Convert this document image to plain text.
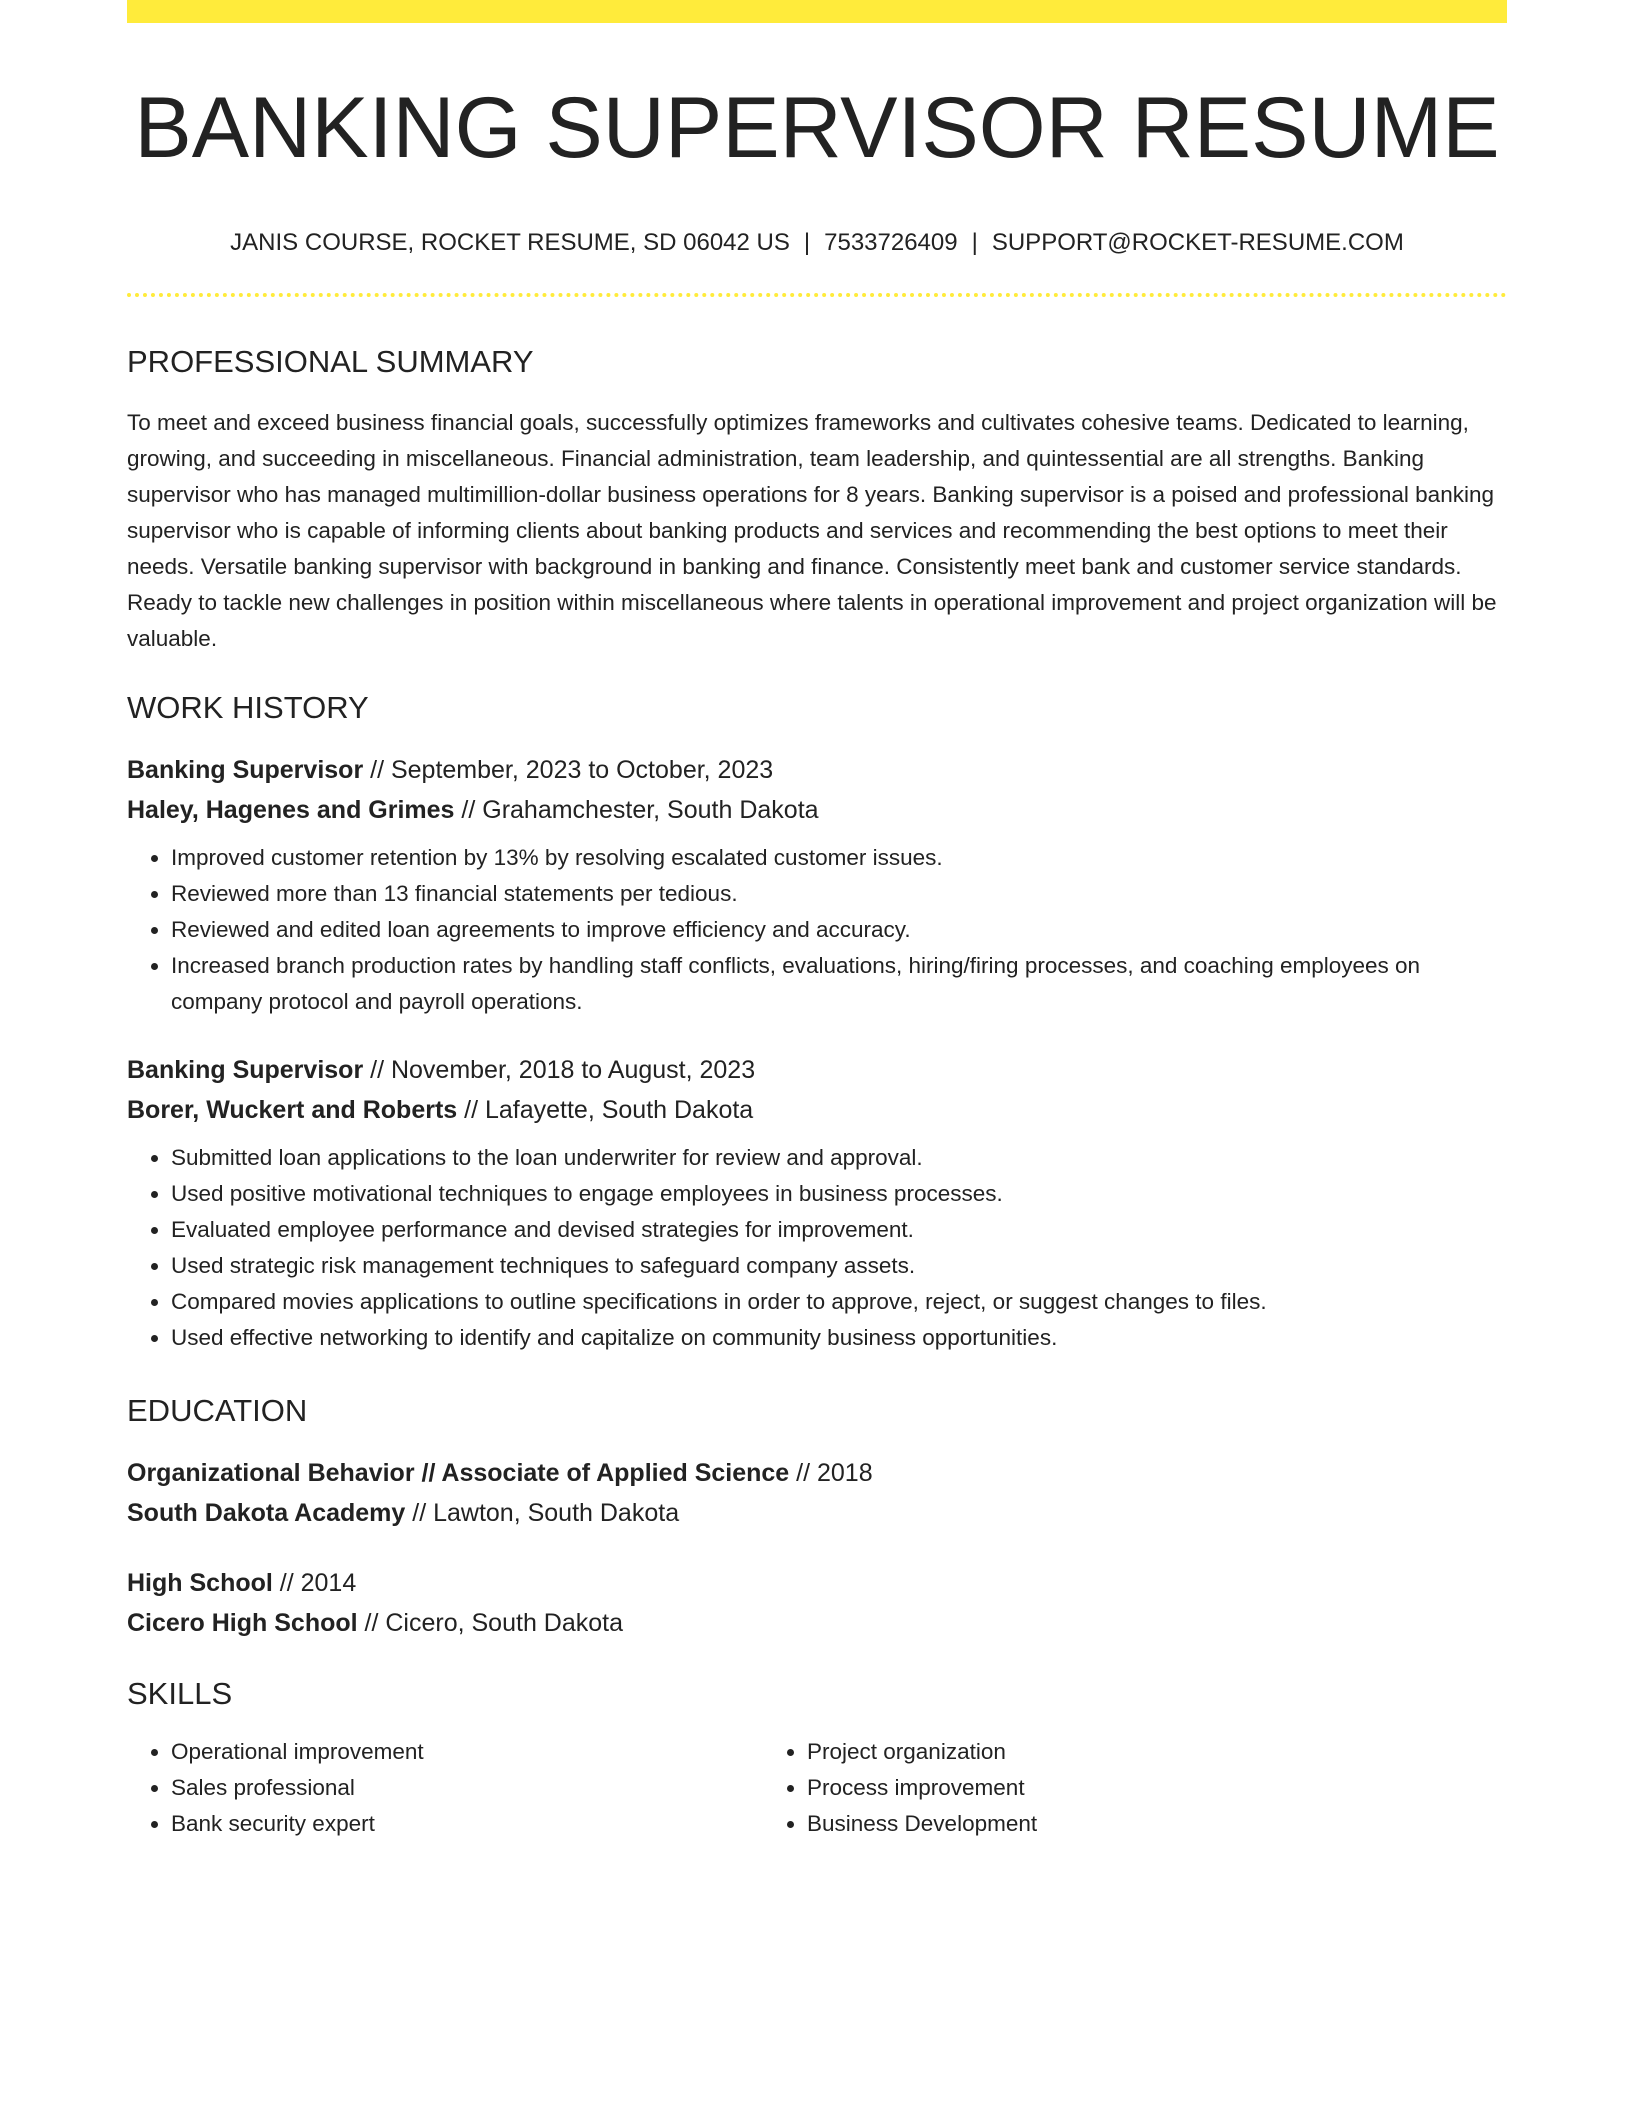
BANKING SUPERVISOR RESUME
JANIS COURSE, ROCKET RESUME, SD 06042 US | 7533726409 | SUPPORT@ROCKET-RESUME.COM
PROFESSIONAL SUMMARY

To meet and exceed business financial goals, successfully optimizes frameworks and cultivates cohesive teams. Dedicated to learning, growing, and succeeding in miscellaneous. Financial administration, team leadership, and quintessential are all strengths. Banking supervisor who has managed multimillion-dollar business operations for 8 years. Banking supervisor is a poised and professional banking supervisor who is capable of informing clients about banking products and services and recommending the best options to meet their needs. Versatile banking supervisor with background in banking and finance. Consistently meet bank and customer service standards. Ready to tackle new challenges in position within miscellaneous where talents in operational improvement and project organization will be valuable.

WORK HISTORY
Banking Supervisor // September, 2023 to October, 2023
Haley, Hagenes and Grimes // Grahamchester, South Dakota
• Improved customer retention by 13% by resolving escalated customer issues.
• Reviewed more than 13 financial statements per tedious.
• Reviewed and edited loan agreements to improve efficiency and accuracy.
• Increased branch production rates by handling staff conflicts, evaluations, hiring/firing processes, and coaching employees on company protocol and payroll operations.
Banking Supervisor // November, 2018 to August, 2023
Borer, Wuckert and Roberts // Lafayette, South Dakota
• Submitted loan applications to the loan underwriter for review and approval.
• Used positive motivational techniques to engage employees in business processes.
• Evaluated employee performance and devised strategies for improvement.
• Used strategic risk management techniques to safeguard company assets.
• Compared movies applications to outline specifications in order to approve, reject, or suggest changes to files.
• Used effective networking to identify and capitalize on community business opportunities.
EDUCATION
Organizational Behavior // Associate of Applied Science // 2018
South Dakota Academy // Lawton, South Dakota
High School // 2014
Cicero High School // Cicero, South Dakota
SKILLS
• Operational improvement
• Sales professional
• Bank security expert
• Project organization
• Process improvement
• Business Development
